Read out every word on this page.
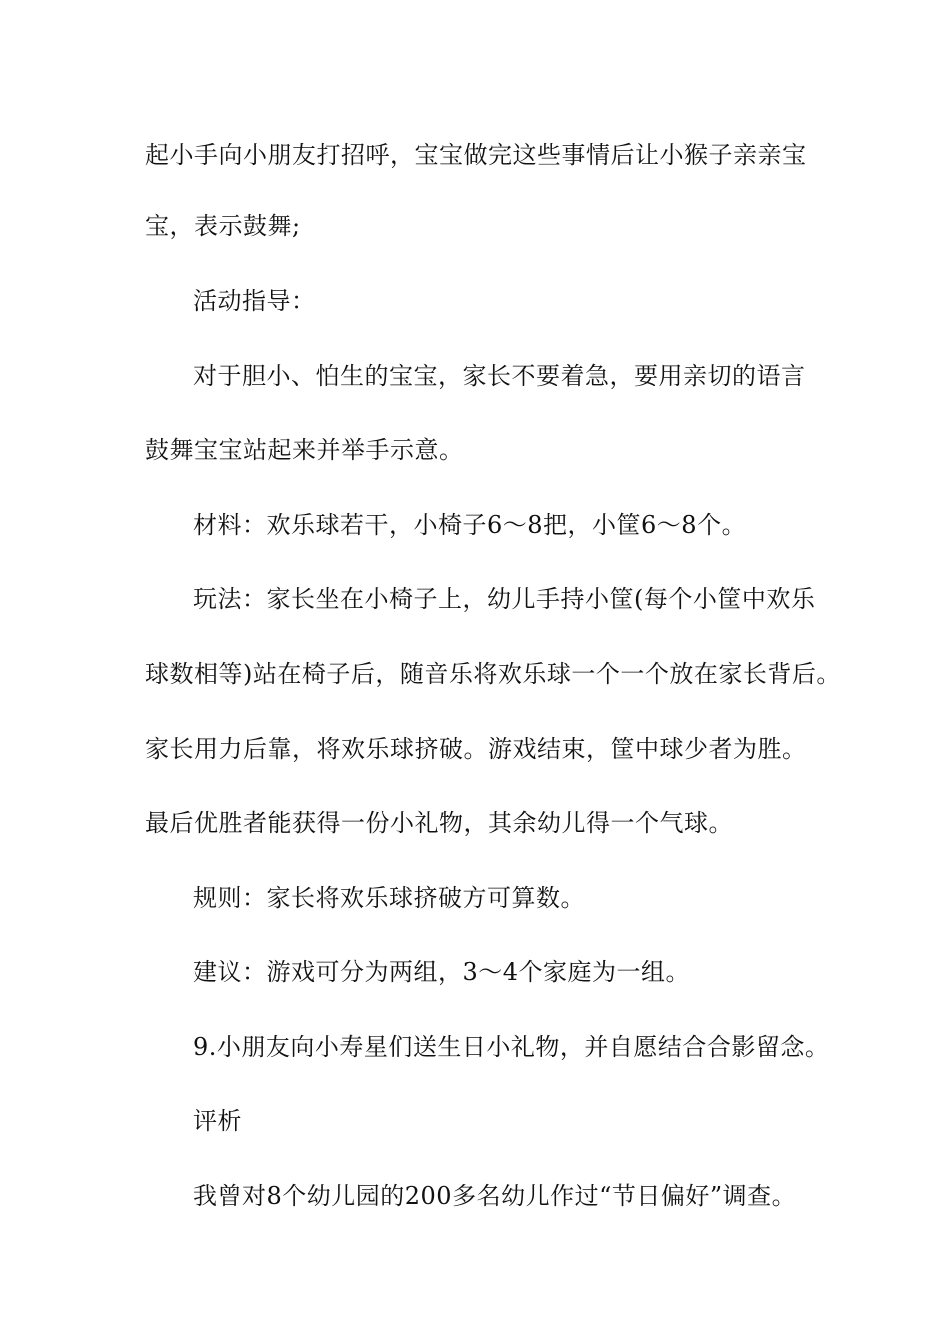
起小手向小朋友打招呼，宝宝做完这些事情后让小猴子亲亲宝
宝，表示鼓舞;
活动指导：
对于胆小、怕生的宝宝，家长不要着急，要用亲切的语言
鼓舞宝宝站起来并举手示意。
材料：欢乐球若干，小椅子6～8把，小筐6～8个。
玩法：家长坐在小椅子上，幼儿手持小筐(每个小筐中欢乐
球数相等)站在椅子后，随音乐将欢乐球一个一个放在家长背后。
家长用力后靠，将欢乐球挤破。游戏结束，筐中球少者为胜。
最后优胜者能获得一份小礼物，其余幼儿得一个气球。
规则：家长将欢乐球挤破方可算数。
建议：游戏可分为两组，3～4个家庭为一组。
9.小朋友向小寿星们送生日小礼物，并自愿结合合影留念。
评析
我曾对8个幼儿园的200多名幼儿作过“节日偏好”调查。
